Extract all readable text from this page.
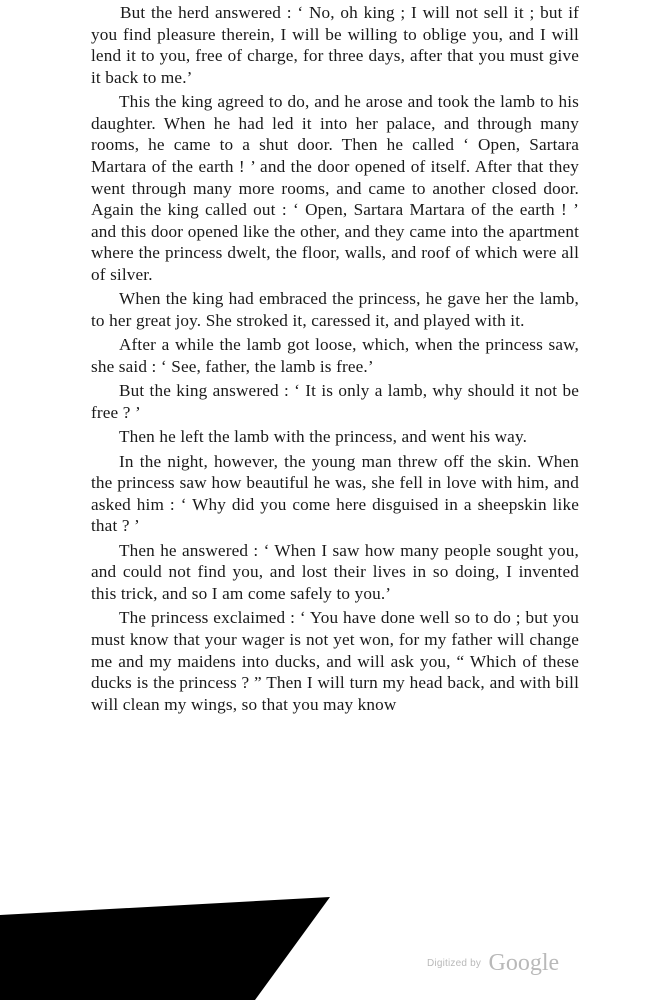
But the herd answered : ‘ No, oh king ; I will not sell it ; but if you find pleasure therein, I will be willing to oblige you, and I will lend it to you, free of charge, for three days, after that you must give it back to me.’

This the king agreed to do, and he arose and took the lamb to his daughter. When he had led it into her palace, and through many rooms, he came to a shut door. Then he called ‘ Open, Sartara Martara of the earth ! ’ and the door opened of itself. After that they went through many more rooms, and came to another closed door. Again the king called out : ‘ Open, Sartara Martara of the earth ! ’ and this door opened like the other, and they came into the apartment where the princess dwelt, the floor, walls, and roof of which were all of silver.

When the king had embraced the princess, he gave her the lamb, to her great joy. She stroked it, caressed it, and played with it.

After a while the lamb got loose, which, when the princess saw, she said : ‘ See, father, the lamb is free.’

But the king answered : ‘ It is only a lamb, why should it not be free ? ’

Then he left the lamb with the princess, and went his way.

In the night, however, the young man threw off the skin. When the princess saw how beautiful he was, she fell in love with him, and asked him : ‘ Why did you come here disguised in a sheepskin like that ? ’

Then he answered : ‘ When I saw how many people sought you, and could not find you, and lost their lives in so doing, I invented this trick, and so I am come safely to you.’

The princess exclaimed : ‘ You have done well so to do ; but you must know that your wager is not yet won, for my father will change me and my maidens into ducks, and will ask you, “ Which of these ducks is the princess ? ” Then I will turn my head back, and with bill will clean my wings, so that you may know

$^{Digitized by}$ Google
